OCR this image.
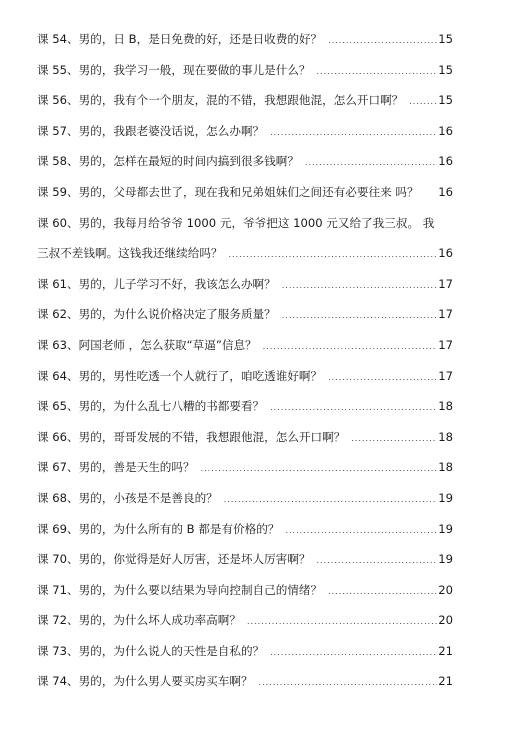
课 54、男的，日 B，是日免费的好，还是日收费的好？ .....	15
课 55、男的，我学习一般，现在要做的事儿是什么？ .....	15
课 56、男的，我有个一个朋友，混的不错，我想跟他混，怎么开口啊？ .....	15
课 57、男的，我跟老婆没话说，怎么办啊？ .....	16
课 58、男的，怎样在最短的时间内搞到很多钱啊？ .....	16
课 59、男的，父母都去世了，现在我和兄弟姐妹们之间还有必要往来 吗？ 16
课 60、男的，我每月给爷爷 1000 元，爷爷把这 1000 元又给了我三叔。 我
三叔不差钱啊。这钱我还继续给吗？ .....	16
课 61、男的，儿子学习不好，我该怎么办啊？ .....	17
课 62、男的，为什么说价格决定了服务质量？ .....	17
课 63、阿国老师 ，怎么获取“草逼”信息？ .....	17
课 64、男的，男性吃透一个人就行了，咱吃透谁好啊？ .....	17
课 65、男的，为什么乱七八糟的书都要看？ .....	18
课 66、男的，哥哥发展的不错，我想跟他混，怎么开口啊？ .....	18
课 67、男的，善是天生的吗？ .....	18
课 68、男的，小孩是不是善良的？ .....	19
课 69、男的，为什么所有的 B 都是有价格的？ .....	19
课 70、男的，你觉得是好人厉害，还是坏人厉害啊？ .....	19
课 71、男的，为什么要以结果为导向控制自己的情绪？ .....	20
课 72、男的，为什么坏人成功率高啊？ .....	20
课 73、男的，为什么说人的天性是自私的？ .....	21
课 74、男的，为什么男人要买房买车啊？ .....	21
